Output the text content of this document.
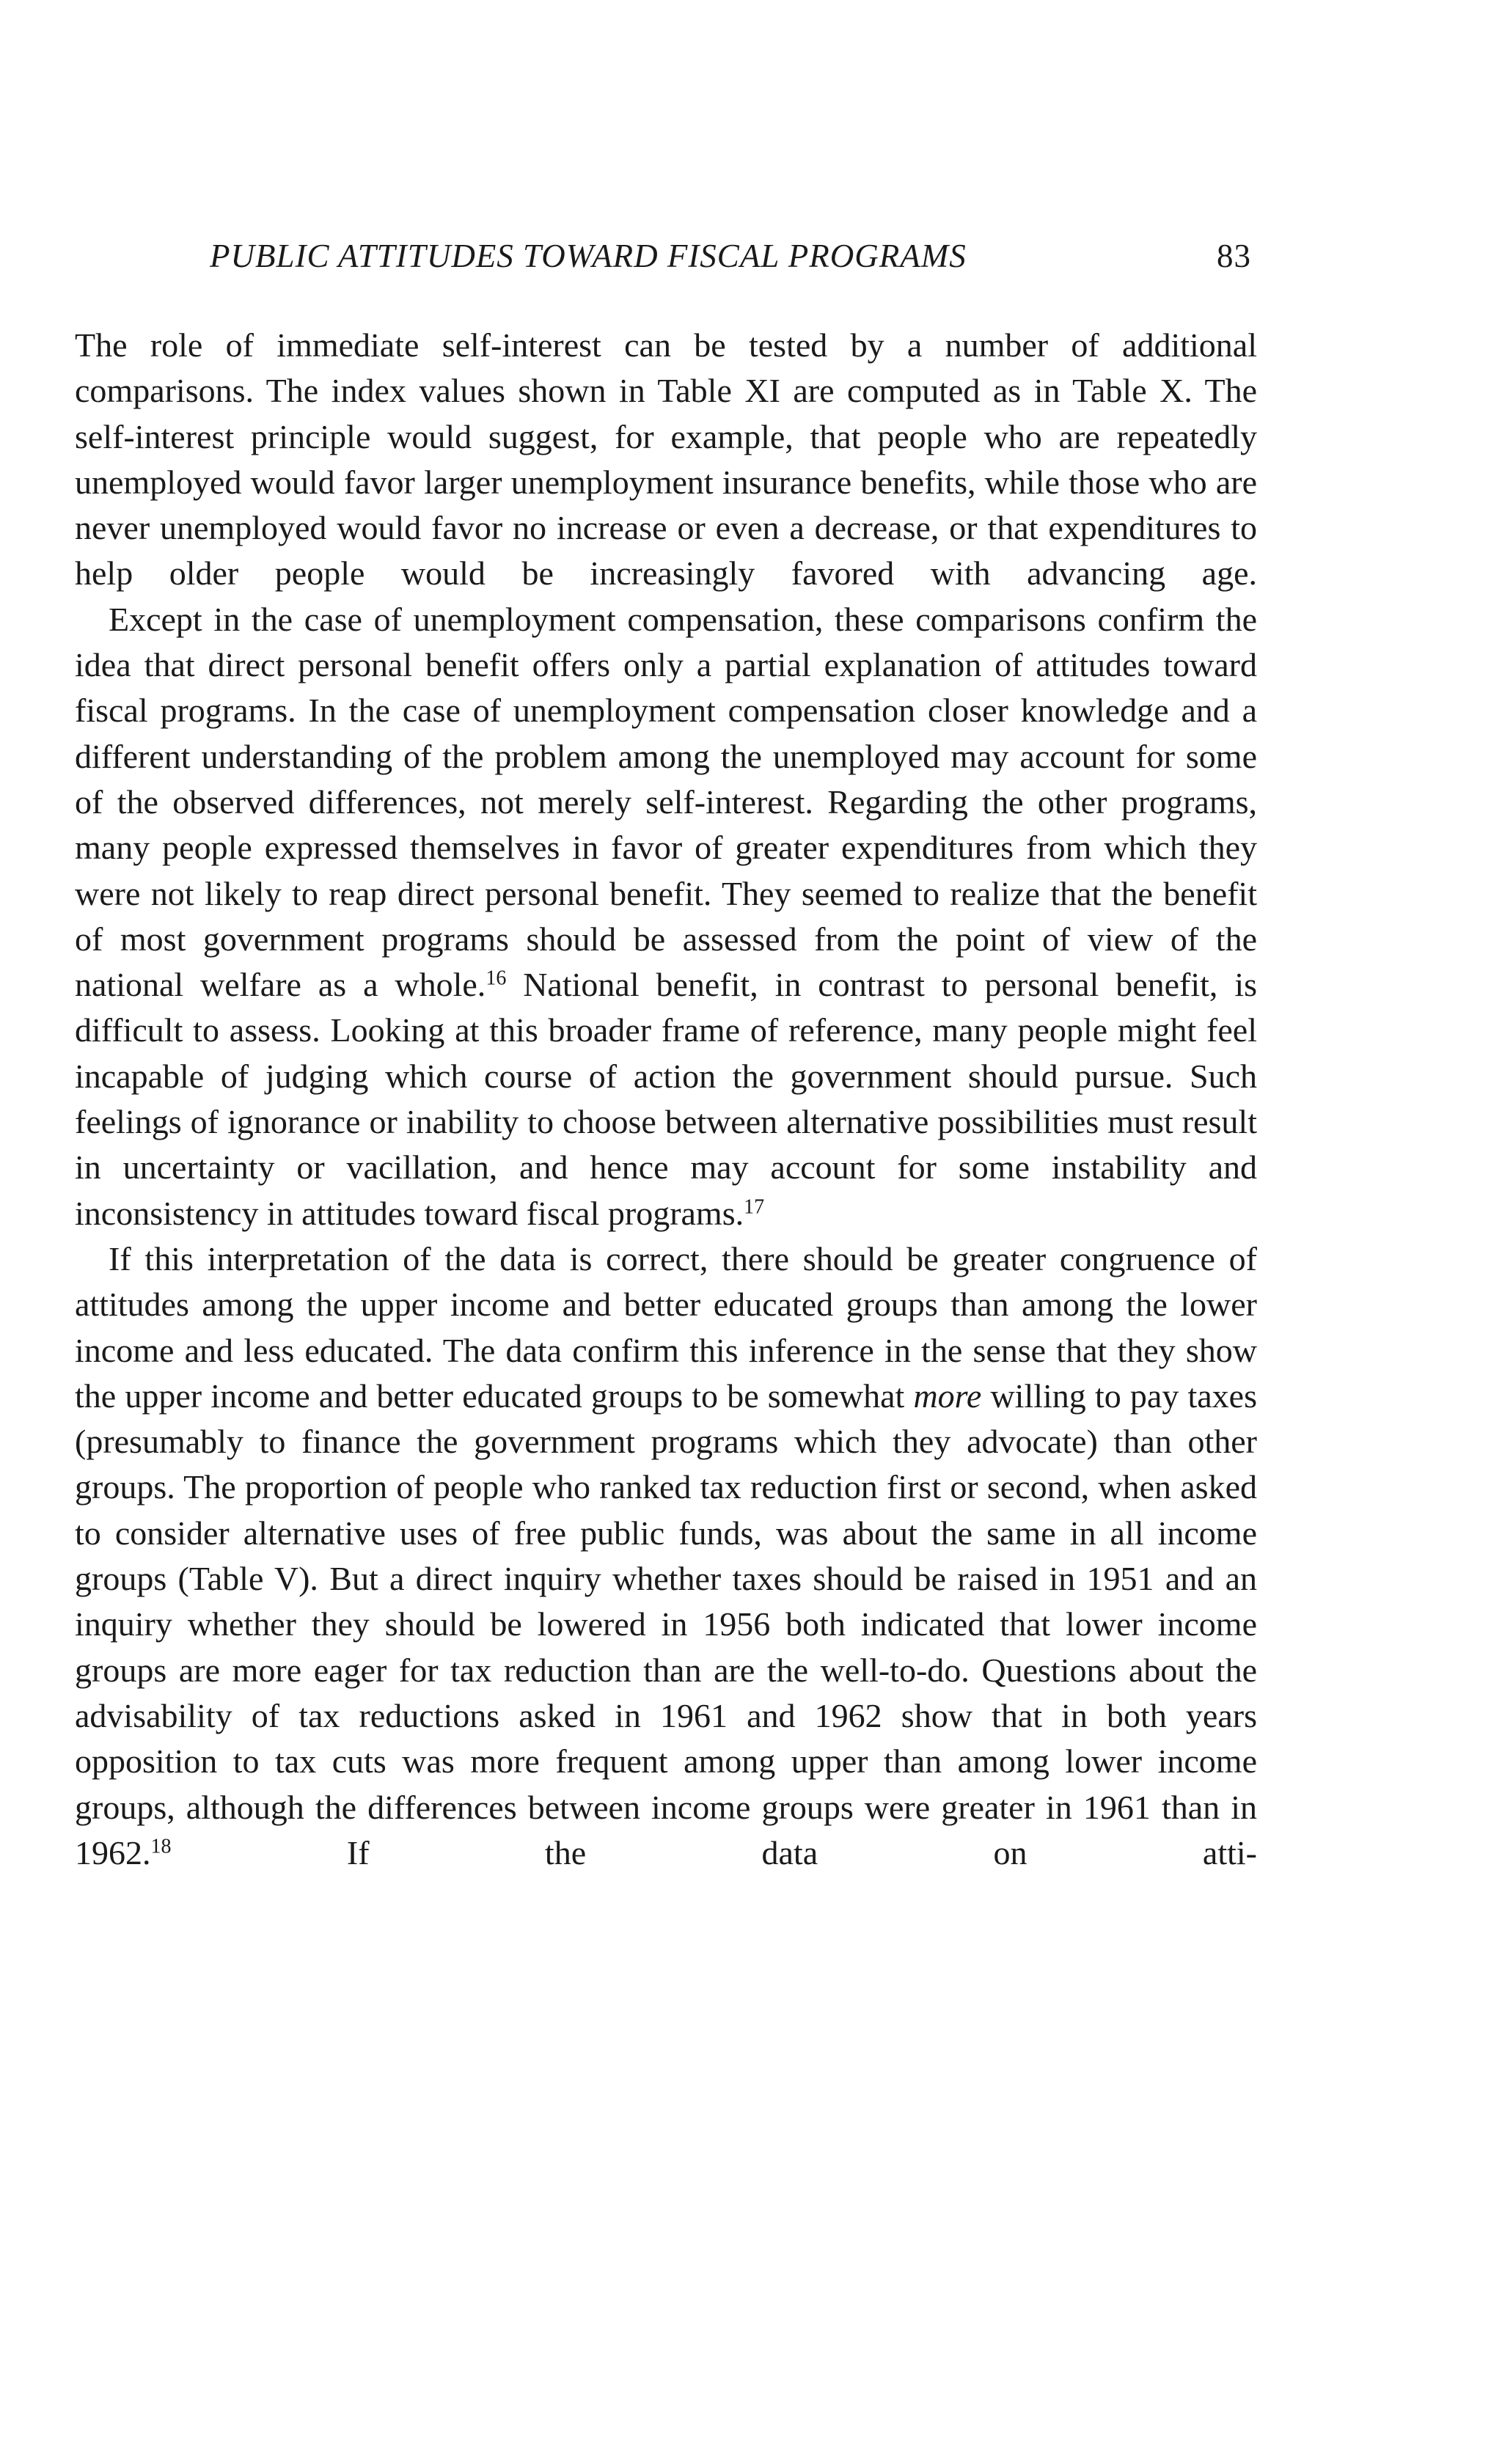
PUBLIC ATTITUDES TOWARD FISCAL PROGRAMS	83

The role of immediate self-interest can be tested by a number of additional comparisons. The index values shown in Table XI are computed as in Table X. The self-interest principle would suggest, for example, that people who are repeatedly unemployed would favor larger unemployment insurance benefits, while those who are never unemployed would favor no increase or even a decrease, or that expenditures to help older people would be increasingly favored with advancing age.

Except in the case of unemployment compensation, these comparisons confirm the idea that direct personal benefit offers only a partial explanation of attitudes toward fiscal programs. In the case of unemployment compensation closer knowledge and a different understanding of the problem among the unemployed may account for some of the observed differences, not merely self-interest. Regarding the other programs, many people expressed themselves in favor of greater expenditures from which they were not likely to reap direct personal benefit. They seemed to realize that the benefit of most government programs should be assessed from the point of view of the national welfare as a whole.$^{16}$ National benefit, in contrast to personal benefit, is difficult to assess. Looking at this broader frame of reference, many people might feel incapable of judging which course of action the government should pursue. Such feelings of ignorance or inability to choose between alternative possibilities must result in uncertainty or vacillation, and hence may account for some instability and inconsistency in attitudes toward fiscal programs.$^{17}$

If this interpretation of the data is correct, there should be greater congruence of attitudes among the upper income and better educated groups than among the lower income and less educated. The data confirm this inference in the sense that they show the upper income and better educated groups to be somewhat more willing to pay taxes (presumably to finance the government programs which they advocate) than other groups. The proportion of people who ranked tax reduction first or second, when asked to consider alternative uses of free public funds, was about the same in all income groups (Table V). But a direct inquiry whether taxes should be raised in 1951 and an inquiry whether they should be lowered in 1956 both indicated that lower income groups are more eager for tax reduction than are the well-to-do. Questions about the advisability of tax reductions asked in 1961 and 1962 show that in both years opposition to tax cuts was more frequent among upper than among lower income groups, although the differences between income groups were greater in 1961 than in 1962.18 If the data on atti-
